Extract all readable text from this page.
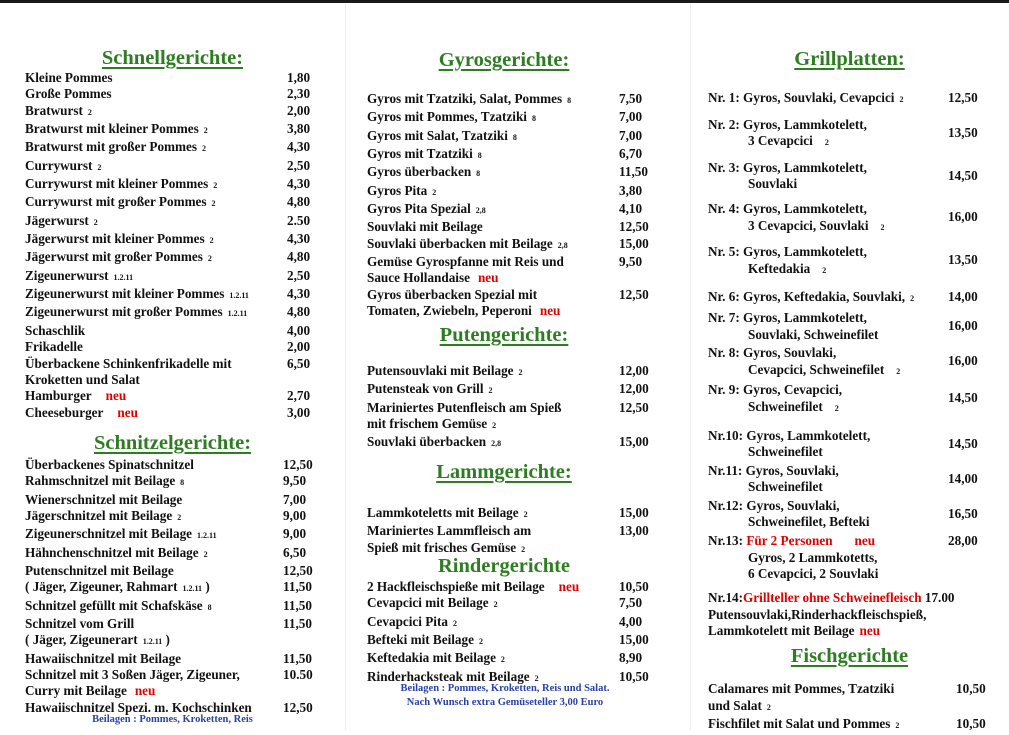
Schnellgerichte:
Kleine Pommes	1,80
Große Pommes	2,30
Bratwurst 2	2,00
Bratwurst mit kleiner Pommes 2	3,80
Bratwurst mit großer Pommes 2	4,30
Currywurst 2	2,50
Currywurst mit kleiner Pommes 2	4,30
Currywurst mit großer Pommes 2	4,80
Jägerwurst 2	2.50
Jägerwurst mit kleiner Pommes 2	4,30
Jägerwurst mit großer Pommes 2	4,80
Zigeunerwurst 1.2.11	2,50
Zigeunerwurst mit kleiner Pommes 1.2.11	4,30
Zigeunerwurst mit großer Pommes 1.2.11	4,80
Schaschlik	4,00
Frikadelle	2,00
Überbackene Schinkenfrikadelle mit
Kroketten und Salat
6,50
Hamburger neu	2,70
Cheeseburger neu	3,00
Schnitzelgerichte:
Überbackenes Spinatschnitzel	12,50
Rahmschnitzel mit Beilage 8	9,50
Wienerschnitzel mit Beilage	7,00
Jägerschnitzel mit Beilage 2	9,00
Zigeunerschnitzel mit Beilage 1.2.11	9,00
Hähnchenschnitzel mit Beilage 2	6,50
Putenschnitzel mit Beilage	12,50
( Jäger, Zigeuner, Rahmart 1.2.11 )	11,50
Schnitzel gefüllt mit Schafskäse 8	11,50
Schnitzel vom Grill	11,50
( Jäger, Zigeunerart 1.2.11 )
Hawaiischnitzel mit Beilage	11,50
Schnitzel mit 3 Soßen Jäger, Zigeuner,
Curry mit Beilage neu
10.50
Hawaiischnitzel Spezi. m. Kochschinken	12,50
Beilagen : Pommes, Kroketten, Reis
Gyrosgerichte:
Gyros mit Tzatziki, Salat, Pommes 8	7,50
Gyros mit Pommes, Tzatziki 8	7,00
Gyros mit Salat, Tzatziki 8	7,00
Gyros mit Tzatziki 8	6,70
Gyros überbacken 8	11,50
Gyros Pita 2	3,80
Gyros Pita Spezial 2,8	4,10
Souvlaki mit Beilage	12,50
Souvlaki überbacken mit Beilage 2,8	15,00
Gemüse Gyrospfanne mit Reis und
Sauce Hollandaise neu
9,50
Gyros überbacken Spezial mit
Tomaten, Zwiebeln, Peperoni neu
12,50
Putengerichte:
Putensouvlaki mit Beilage 2	12,00
Putensteak von Grill 2	12,00
Mariniertes Putenfleisch am Spieß
mit frischem Gemüse 2
12,50
Souvlaki überbacken 2,8	15,00
Lammgerichte:
Lammkoteletts mit Beilage 2	15,00
Mariniertes Lammfleisch am
Spieß mit frisches Gemüse 2
13,00
Rindergerichte
2 Hackfleischspieße mit Beilage neu	10,50
Cevapcici mit Beilage 2	7,50
Cevapcici Pita 2	4,00
Befteki mit Beilage 2	15,00
Keftedakia mit Beilage 2	8,90
Rinderhacksteak mit Beilage 2	10,50
Beilagen : Pommes, Kroketten, Reis und Salat. Nach Wunsch extra Gemüseteller 3,00 Euro
Grillplatten:
Nr. 1: Gyros, Souvlaki, Cevapcici 2	12,50
Nr. 2: Gyros, Lammkotelett,
3 Cevapcici 2
13,50
Nr. 3: Gyros, Lammkotelett,
Souvlaki
14,50
Nr. 4: Gyros, Lammkotelett,
3 Cevapcici, Souvlaki 2
16,00
Nr. 5: Gyros, Lammkotelett,
Keftedakia 2
13,50
Nr. 6: Gyros, Keftedakia, Souvlaki, 2	14,00
Nr. 7: Gyros, Lammkotelett,
Souvlaki, Schweinefilet
16,00
Nr. 8: Gyros, Souvlaki,
Cevapcici, Schweinefilet 2
16,00
Nr. 9: Gyros, Cevapcici,
Schweinefilet 2
14,50
Nr.10: Gyros, Lammkotelett,
Schweinefilet
14,50
Nr.11: Gyros, Souvlaki,
Schweinefilet
14,00
Nr.12: Gyros, Souvlaki,
Schweinefilet, Befteki
16,50
Nr.13: Für 2 Personen neu
Gyros, 2 Lammkotetts,
6 Cevapcici, 2 Souvlaki
28,00
Nr.14:Grillteller ohne Schweinefleisch 17.00
Putensouvlaki,Rinderhackfleischspieß,
Lammkotelett mit Beilage neu
Fischgerichte
Calamares mit Pommes, Tzatziki
und Salat 2
10,50
Fischfilet mit Salat und Pommes 2	10,50
